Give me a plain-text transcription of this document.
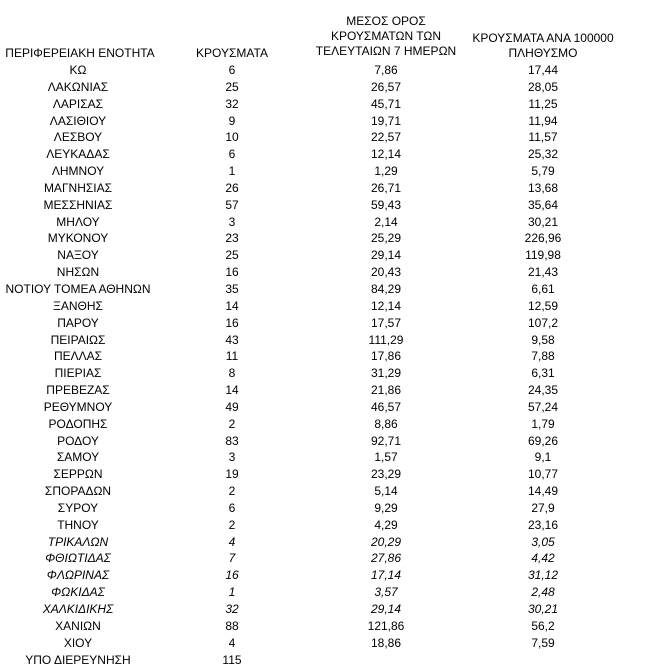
ΠΕΡΙΦΕΡΕΙΑΚΗ ΕΝΟΤΗΤΑ	ΚΡΟΥΣΜΑΤΑ
ΜΕΣΟΣ ΟΡΟΣ
ΚΡΟΥΣΜΑΤΩΝ ΤΩΝ
ΤΕΛΕΥΤΑΙΩΝ 7 ΗΜΕΡΩΝ
ΚΡΟΥΣΜΑΤΑ ΑΝΑ 100000
ΠΛΗΘΥΣΜΟ
ΚΩ	6	7,86	17,44
ΛΑΚΩΝΙΑΣ	25	26,57	28,05
ΛΑΡΙΣΑΣ	32	45,71	11,25
ΛΑΣΙΘΙΟΥ	9	19,71	11,94
ΛΕΣΒΟΥ	10	22,57	11,57
ΛΕΥΚΑΔΑΣ	6	12,14	25,32
ΛΗΜΝΟΥ	1	1,29	5,79
ΜΑΓΝΗΣΙΑΣ	26	26,71	13,68
ΜΕΣΣΗΝΙΑΣ	57	59,43	35,64
ΜΗΛΟΥ	3	2,14	30,21
ΜΥΚΟΝΟΥ	23	25,29	226,96
ΝΑΞΟΥ	25	29,14	119,98
ΝΗΣΩΝ	16	20,43	21,43
ΝΟΤΙΟΥ ΤΟΜΕΑ ΑΘΗΝΩΝ	35	84,29	6,61
ΞΑΝΘΗΣ	14	12,14	12,59
ΠΑΡΟΥ	16	17,57	107,2
ΠΕΙΡΑΙΩΣ	43	111,29	9,58
ΠΕΛΛΑΣ	11	17,86	7,88
ΠΙΕΡΙΑΣ	8	31,29	6,31
ΠΡΕΒΕΖΑΣ	14	21,86	24,35
ΡΕΘΥΜΝΟΥ	49	46,57	57,24
ΡΟΔΟΠΗΣ	2	8,86	1,79
ΡΟΔΟΥ	83	92,71	69,26
ΣΑΜΟΥ	3	1,57	9,1
ΣΕΡΡΩΝ	19	23,29	10,77
ΣΠΟΡΑΔΩΝ	2	5,14	14,49
ΣΥΡΟΥ	6	9,29	27,9
ΤΗΝΟΥ	2	4,29	23,16
ΤΡΙΚΑΛΩΝ	4	20,29	3,05
ΦΘΙΩΤΙΔΑΣ	7	27,86	4,42
ΦΛΩΡΙΝΑΣ	16	17,14	31,12
ΦΩΚΙΔΑΣ	1	3,57	2,48
ΧΑΛΚΙΔΙΚΗΣ	32	29,14	30,21
ΧΑΝΙΩΝ	88	121,86	56,2
ΧΙΟΥ	4	18,86	7,59
ΥΠΟ ΔΙΕΡΕΥΝΗΣΗ	115
